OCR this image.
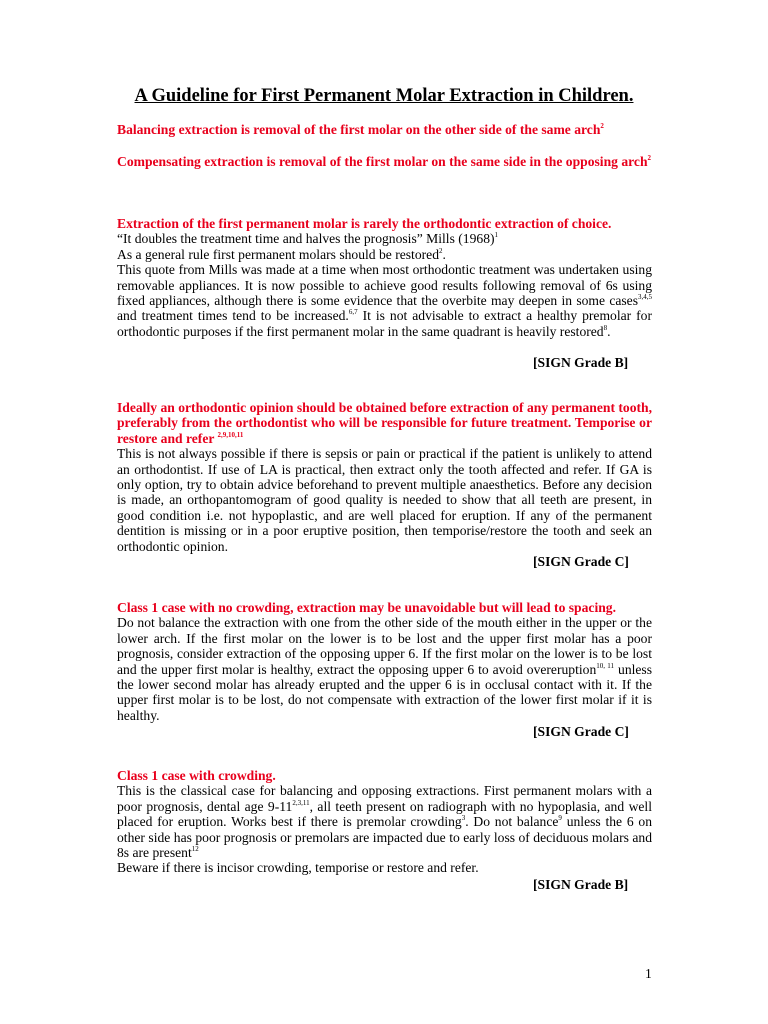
A Guideline for First Permanent Molar Extraction in Children.

Balancing extraction is removal of the first molar on the other side of the same arch$^2$

Compensating extraction is removal of the first molar on the same side in the opposing arch$^2$

Extraction of the first permanent molar is rarely the orthodontic extraction of choice.

“It doubles the treatment time and halves the prognosis” Mills $(1968)^1$

As a general rule first permanent molars should be restored$^2$.

This quote from Mills was made at a time when most orthodontic treatment was undertaken using removable appliances. It is now possible to achieve good results following removal of 6s using fixed appliances, although there is some evidence that the overbite may deepen in some cases$^{3,4,5}$ and treatment times tend to be increased.$^{6,7}$ It is not advisable to extract a healthy premolar for orthodontic purposes if the first permanent molar in the same quadrant is heavily restored$^8$.

[SIGN Grade B]

Ideally an orthodontic opinion should be obtained before extraction of any permanent tooth, preferably from the orthodontist who will be responsible for future treatment. Temporise or restore and refer $^{2,9,10,11}$

This is not always possible if there is sepsis or pain or practical if the patient is unlikely to attend an orthodontist. If use of LA is practical, then extract only the tooth affected and refer. If GA is only option, try to obtain advice beforehand to prevent multiple anaesthetics. Before any decision is made, an orthopantomogram of good quality is needed to show that all teeth are present, in good condition i.e. not hypoplastic, and are well placed for eruption. If any of the permanent dentition is missing or in a poor eruptive position, then temporise/restore the tooth and seek an orthodontic opinion.

[SIGN Grade C]

Class 1 case with no crowding, extraction may be unavoidable but will lead to spacing.

Do not balance the extraction with one from the other side of the mouth either in the upper or the lower arch. If the first molar on the lower is to be lost and the upper first molar has a poor prognosis, consider extraction of the opposing upper 6. If the first molar on the lower is to be lost and the upper first molar is healthy, extract the opposing upper 6 to avoid overeruption$^{10, 11}$ unless the lower second molar has already erupted and the upper 6 is in occlusal contact with it. If the upper first molar is to be lost, do not compensate with extraction of the lower first molar if it is healthy.

[SIGN Grade C]

Class 1 case with crowding.

This is the classical case for balancing and opposing extractions. First permanent molars with a poor prognosis, dental age 9-11$^{2,3,11}$, all teeth present on radiograph with no hypoplasia, and well placed for eruption. Works best if there is premolar crowding$^3$. Do not balance$^9$ unless the 6 on other side has poor prognosis or premolars are impacted due to early loss of deciduous molars and 8s are present$^{12}$

Beware if there is incisor crowding, temporise or restore and refer.

[SIGN Grade B]
1
